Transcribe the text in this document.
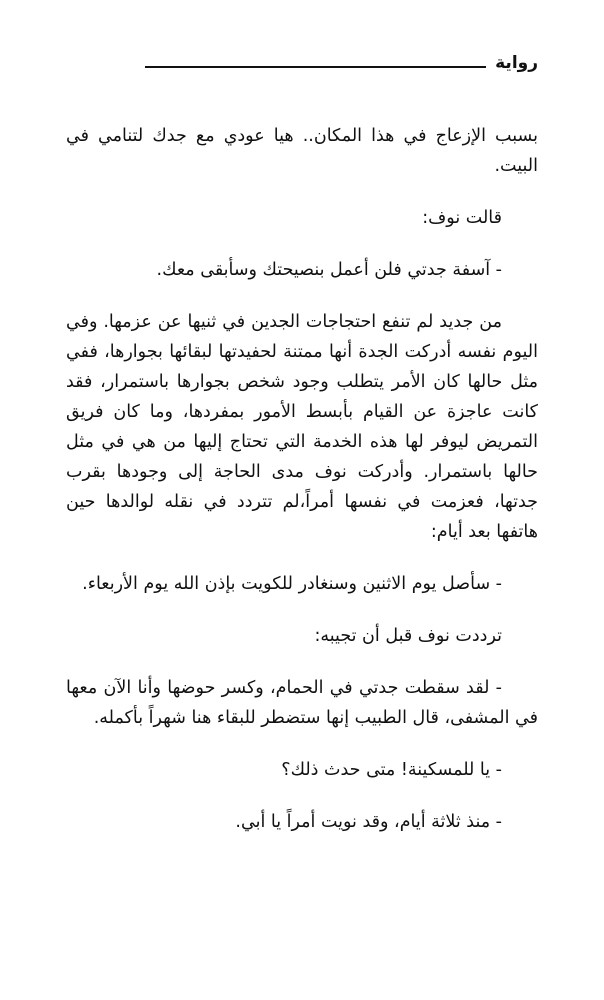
رواية

بسبب الإزعاج في هذا المكان.. هيا عودي مع جدك لتنامي في البيت.

قالت نوف:

- آسفة جدتي فلن أعمل بنصيحتك وسأبقى معك.

من جديد لم تنفع احتجاجات الجدين في ثنيها عن عزمها. وفي اليوم نفسه أدركت الجدة أنها ممتنة لحفيدتها لبقائها بجوارها، ففي مثل حالها كان الأمر يتطلب وجود شخص بجوارها باستمرار، فقد كانت عاجزة عن القيام بأبسط الأمور بمفردها، وما كان فريق التمريض ليوفر لها هذه الخدمة التي تحتاج إليها من هي في مثل حالها باستمرار. وأدركت نوف مدى الحاجة إلى وجودها بقرب جدتها، فعزمت في نفسها أمراً،لم تتردد في نقله لوالدها حين هاتفها بعد أيام:

- سأصل يوم الاثنين وسنغادر للكويت بإذن الله يوم الأربعاء.

ترددت نوف قبل أن تجيبه:

- لقد سقطت جدتي في الحمام، وكسر حوضها وأنا الآن معها في المشفى، قال الطبيب إنها ستضطر للبقاء هنا شهراً بأكمله.

- يا للمسكينة! متى حدث ذلك؟

- منذ ثلاثة أيام، وقد نويت أمراً يا أبي.
